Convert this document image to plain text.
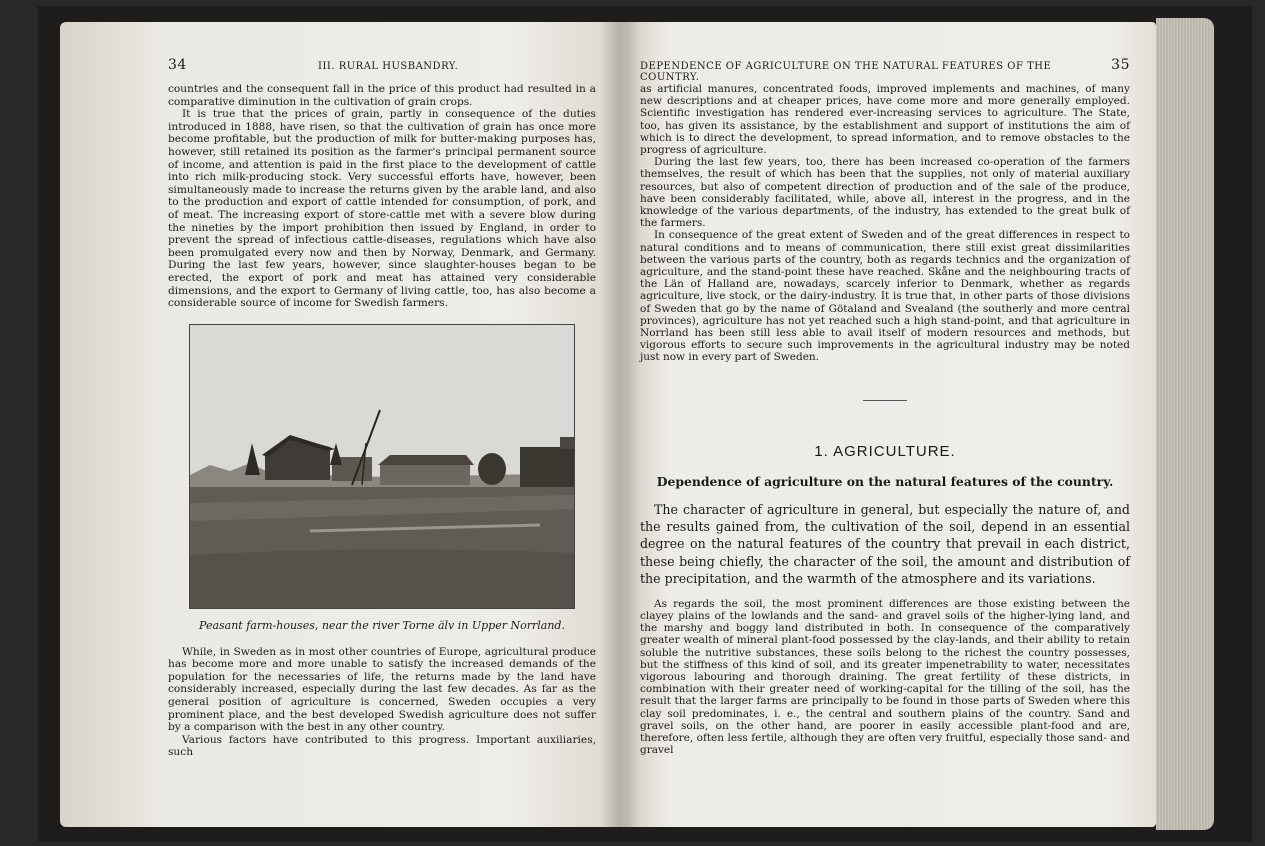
34	III. RURAL HUSBANDRY.

countries and the consequent fall in the price of this product had resulted in a comparative diminution in the cultivation of grain crops.

It is true that the prices of grain, partly in consequence of the duties introduced in 1888, have risen, so that the cultivation of grain has once more become profitable, but the production of milk for butter-making purposes has, however, still retained its position as the farmer's principal permanent source of income, and attention is paid in the first place to the development of cattle into rich milk-producing stock. Very successful efforts have, however, been simultaneously made to increase the returns given by the arable land, and also to the production and export of cattle intended for consumption, of pork, and of meat. The increasing export of store-cattle met with a severe blow during the nineties by the import prohibition then issued by England, in order to prevent the spread of infectious cattle-diseases, regulations which have also been promulgated every now and then by Norway, Denmark, and Germany. During the last few years, however, since slaughter-houses began to be erected, the export of pork and meat has attained very considerable dimensions, and the export to Germany of living cattle, too, has also become a considerable source of income for Swedish farmers.

Peasant farm-houses, near the river Torne älv in Upper Norrland.

While, in Sweden as in most other countries of Europe, agricultural produce has become more and more unable to satisfy the increased demands of the population for the necessaries of life, the returns made by the land have considerably increased, especially during the last few decades. As far as the general position of agriculture is concerned, Sweden occupies a very prominent place, and the best developed Swedish agriculture does not suffer by a comparison with the best in any other country.

Various factors have contributed to this progress. Important auxiliaries, such

DEPENDENCE OF AGRICULTURE ON THE NATURAL FEATURES OF THE COUNTRY.
35

as artificial manures, concentrated foods, improved implements and machines, of many new descriptions and at cheaper prices, have come more and more generally employed. Scientific investigation has rendered ever-increasing services to agriculture. The State, too, has given its assistance, by the establishment and support of institutions the aim of which is to direct the development, to spread information, and to remove obstacles to the progress of agriculture.

During the last few years, too, there has been increased co-operation of the farmers themselves, the result of which has been that the supplies, not only of material auxiliary resources, but also of competent direction of production and of the sale of the produce, have been considerably facilitated, while, above all, interest in the progress, and in the knowledge of the various departments, of the industry, has extended to the great bulk of the farmers.

In consequence of the great extent of Sweden and of the great differences in respect to natural conditions and to means of communication, there still exist great dissimilarities between the various parts of the country, both as regards technics and the organization of agriculture, and the stand-point these have reached. Skåne and the neighbouring tracts of the Län of Halland are, nowadays, scarcely inferior to Denmark, whether as regards agriculture, live stock, or the dairy-industry. It is true that, in other parts of those divisions of Sweden that go by the name of Götaland and Svealand (the southerly and more central provinces), agriculture has not yet reached such a high stand-point, and that agriculture in Norrland has been still less able to avail itself of modern resources and methods, but vigorous efforts to secure such improvements in the agricultural industry may be noted just now in every part of Sweden.

1. AGRICULTURE.
Dependence of agriculture on the natural features of the country.

The character of agriculture in general, but especially the nature of, and the results gained from, the cultivation of the soil, depend in an essential degree on the natural features of the country that prevail in each district, these being chiefly, the character of the soil, the amount and distribution of the precipitation, and the warmth of the atmosphere and its variations.

As regards the soil, the most prominent differences are those existing between the clayey plains of the lowlands and the sand- and gravel soils of the higher-lying land, and the marshy and boggy land distributed in both. In consequence of the comparatively greater wealth of mineral plant-food possessed by the clay-lands, and their ability to retain soluble the nutritive substances, these soils belong to the richest the country possesses, but the stiffness of this kind of soil, and its greater impenetrability to water, necessitates vigorous labouring and thorough draining. The great fertility of these districts, in combination with their greater need of working-capital for the tilling of the soil, has the result that the larger farms are principally to be found in those parts of Sweden where this clay soil predominates, i. e., the central and southern plains of the country. Sand and gravel soils, on the other hand, are poorer in easily accessible plant-food and are, therefore, often less fertile, although they are often very fruitful, especially those sand- and gravel
